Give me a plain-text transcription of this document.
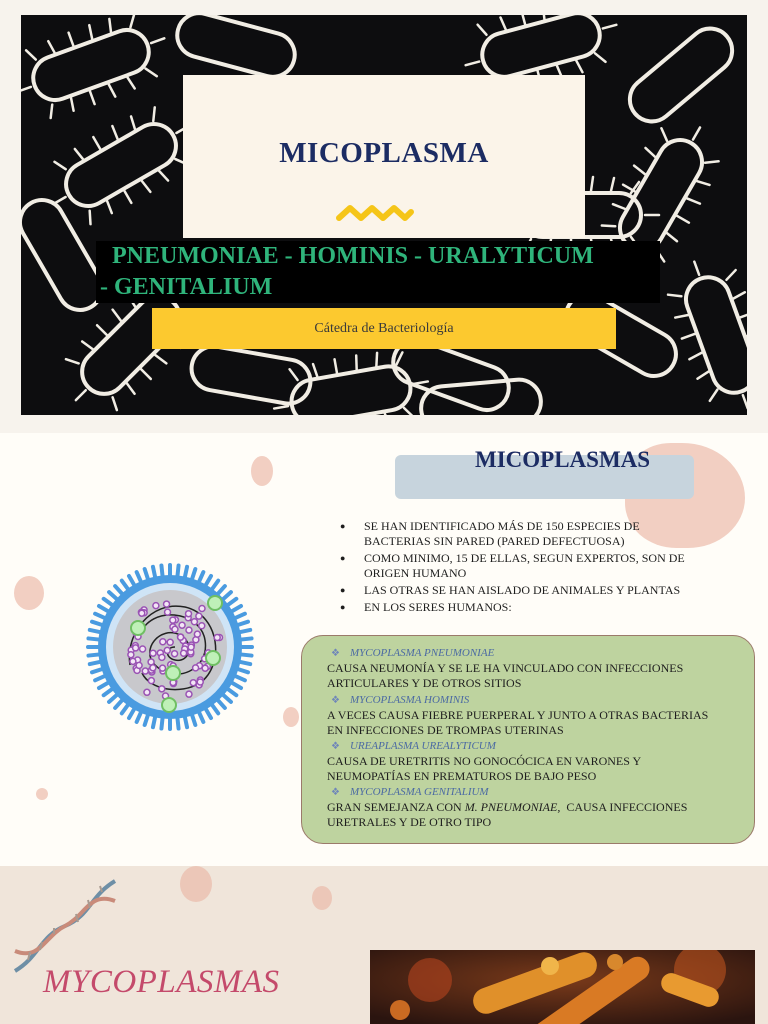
MICOPLASMA
PNEUMONIAE - HOMINIS - URALYTICUM
- GENITALIUM
Cátedra de Bacteriología
MICOPLASMAS
● SE HAN IDENTIFICADO MÁS DE 150 ESPECIES DE BACTERIAS SIN PARED (PARED DEFECTUOSA)
● COMO MINIMO, 15 DE ELLAS, SEGUN EXPERTOS, SON DE ORIGEN HUMANO
● LAS OTRAS SE HAN AISLADO DE ANIMALES Y PLANTAS
● EN LOS SERES HUMANOS:
❖ MYCOPLASMA PNEUMONIAE
CAUSA NEUMONÍA Y SE LE HA VINCULADO CON INFECCIONES ARTICULARES Y DE OTROS SITIOS
❖ MYCOPLASMA HOMINIS
A VECES CAUSA FIEBRE PUERPERAL Y JUNTO A OTRAS BACTERIAS EN INFECCIONES DE TROMPAS UTERINAS
❖ UREAPLASMA UREALYTICUM
CAUSA DE URETRITIS NO GONOCÓCICA EN VARONES Y NEUMOPATÍAS EN PREMATUROS DE BAJO PESO
❖ MYCOPLASMA GENITALIUM
GRAN SEMEJANZA CON M. PNEUMONIAE,  CAUSA INFECCIONES URETRALES Y DE OTRO TIPO
MYCOPLASMAS
